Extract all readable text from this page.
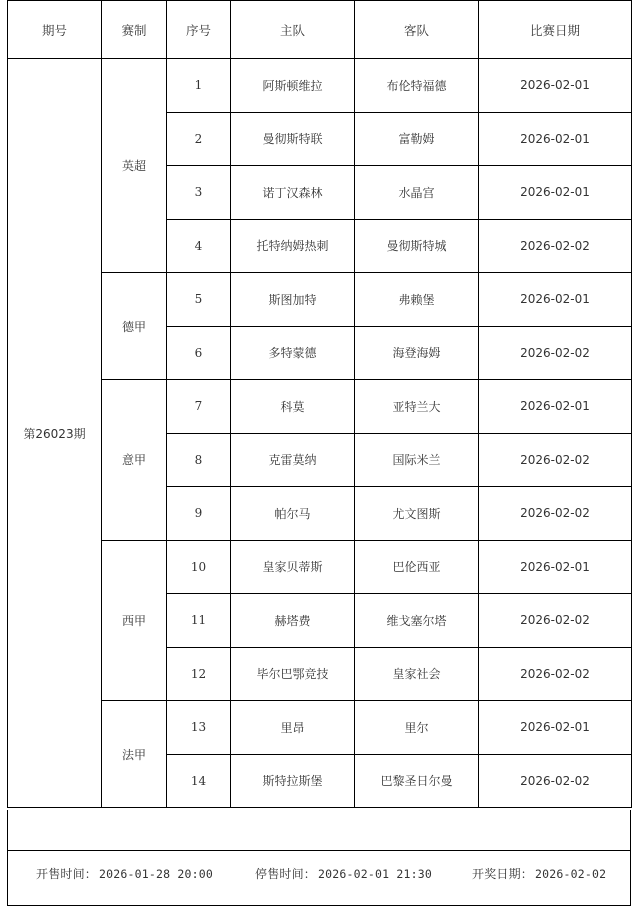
期号	赛制	序号	主队	客队	比赛日期
第26023期	英超	1	阿斯顿维拉	布伦特福德	2026-02-01
		2	曼彻斯特联	富勒姆	2026-02-01
		3	诺丁汉森林	水晶宫	2026-02-01
		4	托特纳姆热刺	曼彻斯特城	2026-02-02
	德甲	5	斯图加特	弗赖堡	2026-02-01
		6	多特蒙德	海登海姆	2026-02-02
	意甲	7	科莫	亚特兰大	2026-02-01
		8	克雷莫纳	国际米兰	2026-02-02
		9	帕尔马	尤文图斯	2026-02-02
	西甲	10	皇家贝蒂斯	巴伦西亚	2026-02-01
		11	赫塔费	维戈塞尔塔	2026-02-02
		12	毕尔巴鄂竞技	皇家社会	2026-02-02
	法甲	13	里昂	里尔	2026-02-01
		14	斯特拉斯堡	巴黎圣日尔曼	2026-02-02
开售时间： 2026-01-28 20:00	停售时间： 2026-02-01 21:30	开奖日期： 2026-02-02
